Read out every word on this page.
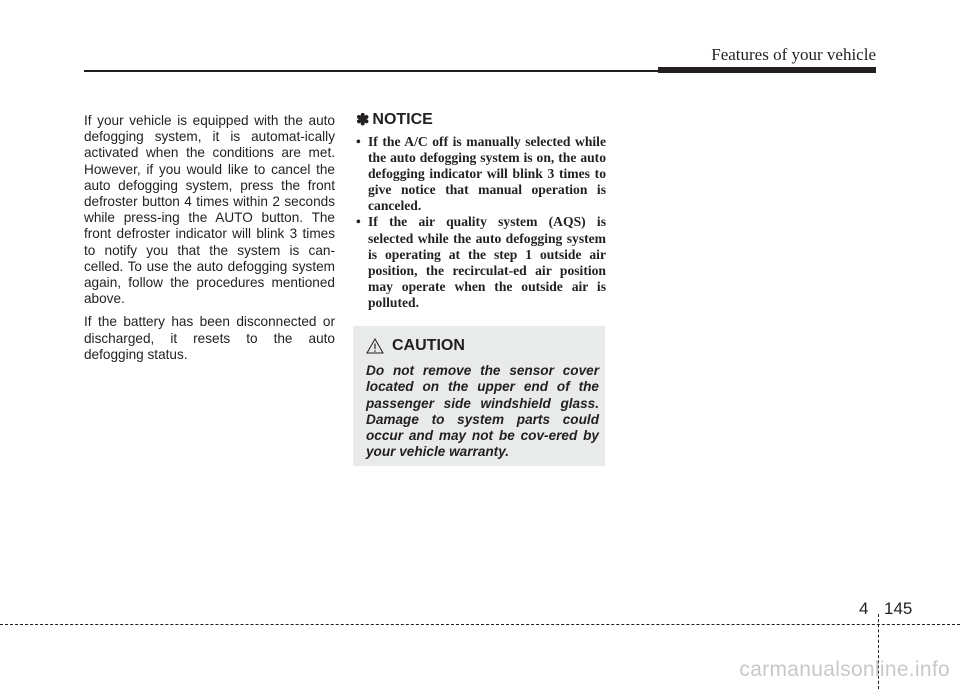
Features of your vehicle

If your vehicle is equipped with the auto defogging system, it is automat-ically activated when the conditions are met. However, if you would like to cancel the auto defogging system, press the front defroster button 4 times within 2 seconds while press-ing the AUTO button. The front defroster indicator will blink 3 times to notify you that the system is can-celled. To use the auto defogging system again, follow the procedures mentioned above.

If the battery has been disconnected or discharged, it resets to the auto defogging status.

✽ NOTICE
• If the A/C off is manually selected while the auto defogging system is on, the auto defogging indicator will blink 3 times to give notice that manual operation is canceled.
• If the air quality system (AQS) is selected while the auto defogging system is operating at the step 1 outside air position, the recirculat-ed air position may operate when the outside air is polluted.
CAUTION
Do not remove the sensor cover located on the upper end of the passenger side windshield glass. Damage to system parts could occur and may not be cov-ered by your vehicle warranty.
4 145
carmanualsonline.info
